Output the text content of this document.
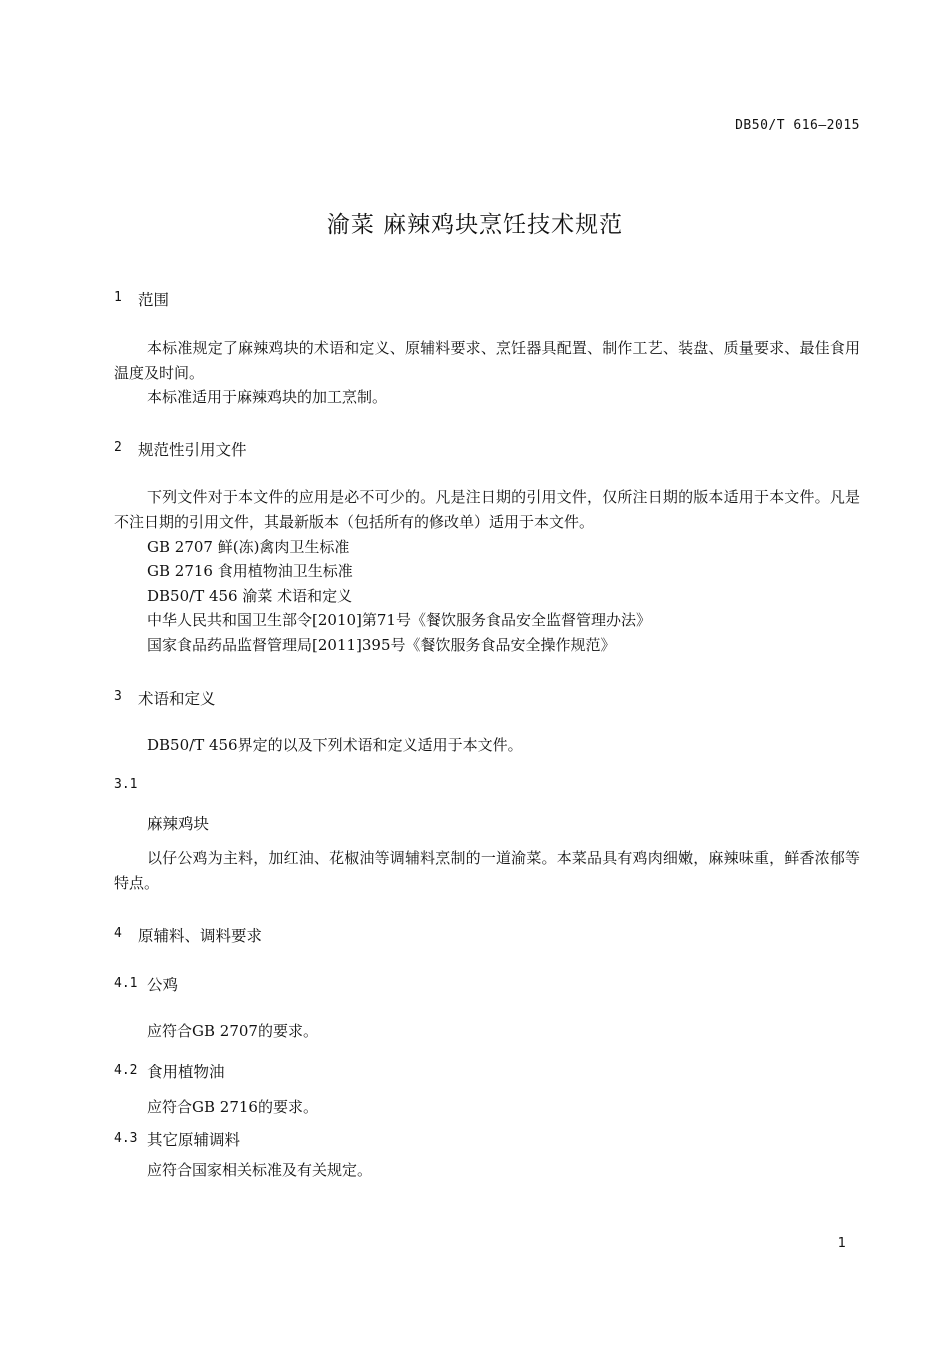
DB50/T 616—2015
渝菜 麻辣鸡块烹饪技术规范
1 范围
本标准规定了麻辣鸡块的术语和定义、原辅料要求、烹饪器具配置、制作工艺、装盘、质量要求、最佳食用温度及时间。
本标准适用于麻辣鸡块的加工烹制。
2 规范性引用文件
下列文件对于本文件的应用是必不可少的。凡是注日期的引用文件，仅所注日期的版本适用于本文件。凡是不注日期的引用文件，其最新版本（包括所有的修改单）适用于本文件。
GB 2707 鲜(冻)禽肉卫生标准
GB 2716 食用植物油卫生标准
DB50/T 456 渝菜 术语和定义
中华人民共和国卫生部令[2010]第71号《餐饮服务食品安全监督管理办法》
国家食品药品监督管理局[2011]395号《餐饮服务食品安全操作规范》
3 术语和定义
DB50/T 456界定的以及下列术语和定义适用于本文件。
3.1
麻辣鸡块
以仔公鸡为主料，加红油、花椒油等调辅料烹制的一道渝菜。本菜品具有鸡肉细嫩，麻辣味重，鲜香浓郁等特点。
4 原辅料、调料要求
4.1 公鸡
应符合GB 2707的要求。
4.2 食用植物油
应符合GB 2716的要求。
4.3 其它原辅调料
应符合国家相关标准及有关规定。
1
